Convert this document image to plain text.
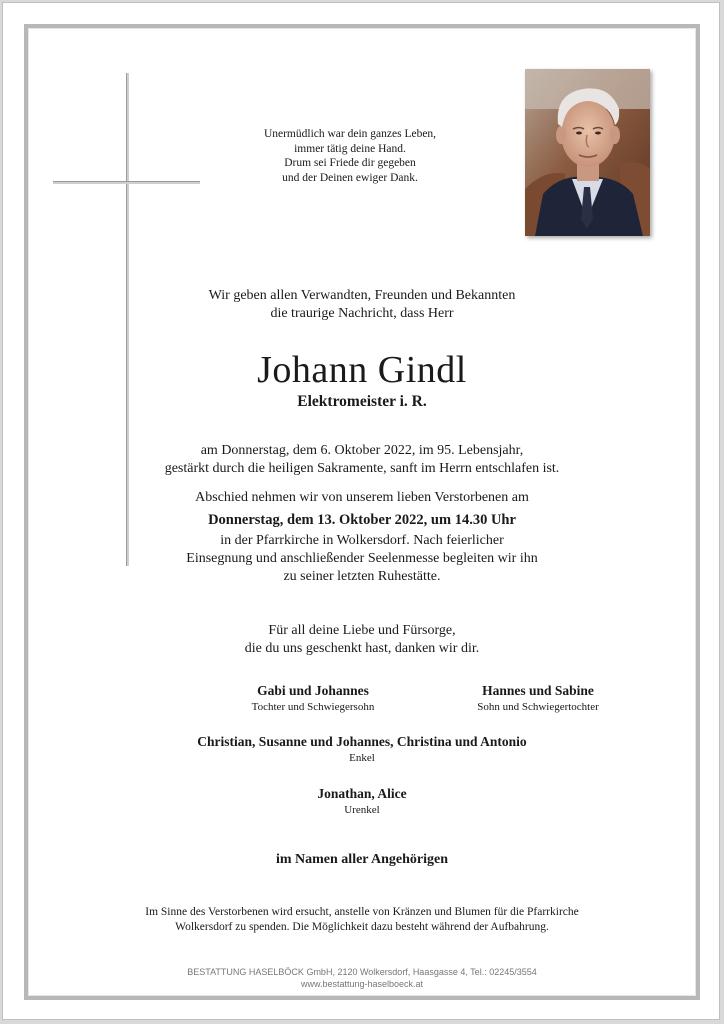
Unermüdlich war dein ganzes Leben,
immer tätig deine Hand.
Drum sei Friede dir gegeben
und der Deinen ewiger Dank.
Wir geben allen Verwandten, Freunden und Bekannten
die traurige Nachricht, dass Herr
Johann Gindl
Elektromeister i. R.
am Donnerstag, dem 6. Oktober 2022, im 95. Lebensjahr,
gestärkt durch die heiligen Sakramente, sanft im Herrn entschlafen ist.
Abschied nehmen wir von unserem lieben Verstorbenen am
Donnerstag, dem 13. Oktober 2022, um 14.30 Uhr
in der Pfarrkirche in Wolkersdorf. Nach feierlicher
Einsegnung und anschließender Seelenmesse begleiten wir ihn
zu seiner letzten Ruhestätte.
Für all deine Liebe und Fürsorge,
die du uns geschenkt hast, danken wir dir.
Gabi und Johannes
Tochter und Schwiegersohn
Hannes und Sabine
Sohn und Schwiegertochter
Christian, Susanne und Johannes, Christina und Antonio
Enkel
Jonathan, Alice
Urenkel
im Namen aller Angehörigen
Im Sinne des Verstorbenen wird ersucht, anstelle von Kränzen und Blumen für die Pfarrkirche
Wolkersdorf zu spenden. Die Möglichkeit dazu besteht während der Aufbahrung.
BESTATTUNG HASELBÖCK GmbH, 2120 Wolkersdorf, Haasgasse 4, Tel.: 02245/3554
www.bestattung-haselboeck.at
